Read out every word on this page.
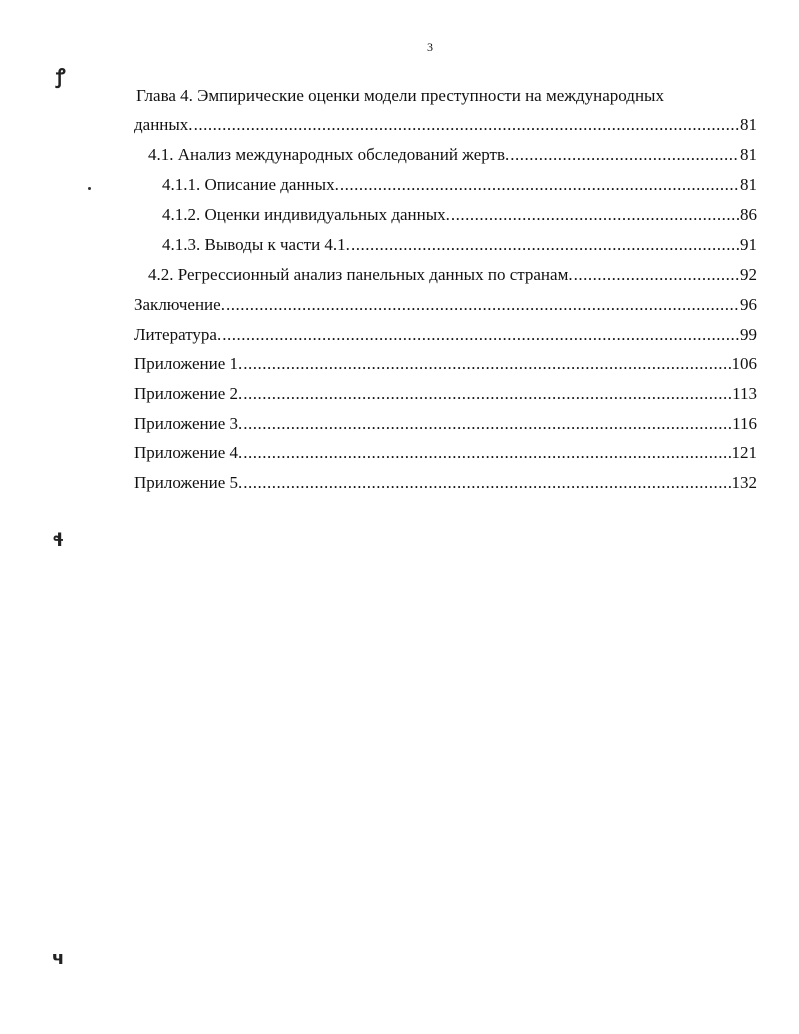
3
ꝭ
ɬ
ч
Глава 4. Эмпирические оценки модели преступности на международных
данных. .....	81
4.1. Анализ международных обследований жертв. .....	81
4.1.1. Описание данных. .....	81
4.1.2. Оценки индивидуальных данных. .....	86
4.1.3. Выводы к части 4.1. .....	91
4.2. Регрессионный анализ панельных данных по странам. .....	92
Заключение. .....	96
Литература. .....	99
Приложение 1. .....	106
Приложение 2. .....	113
Приложение 3. .....	116
Приложение 4. .....	121
Приложение 5. .....	132
